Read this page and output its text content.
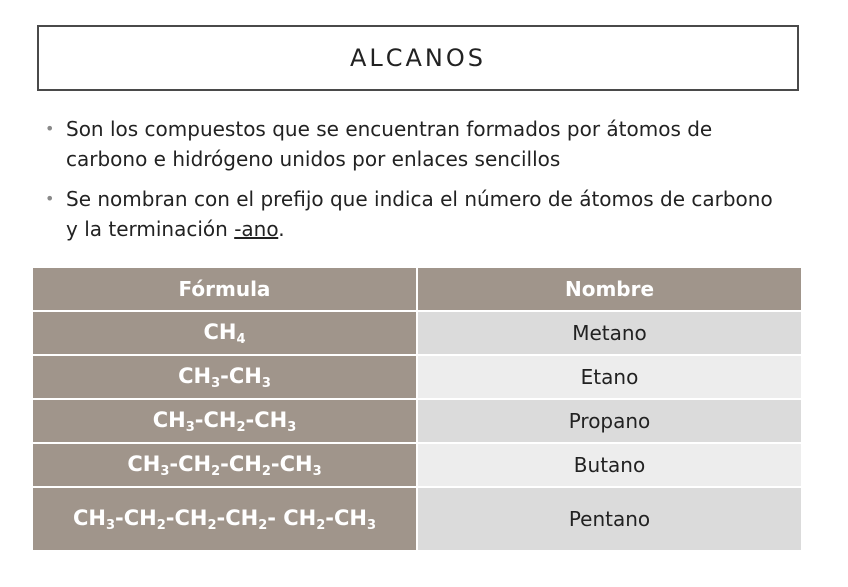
ALCANOS
• Son los compuestos que se encuentran formados por átomos de carbono e hidrógeno unidos por enlaces sencillos
• Se nombran con el prefijo que indica el número de átomos de carbono y la terminación -ano.
Fórmula	Nombre
$CH_4$	Metano
$CH_3-CH_3$	Etano
$CH_3-CH_2-CH_3$	Propano
$CH_3-CH_2-CH_2-CH_3$	Butano
$CH_3-CH_2-CH_2-CH_2-$ $CH_2-CH_3$	Pentano
